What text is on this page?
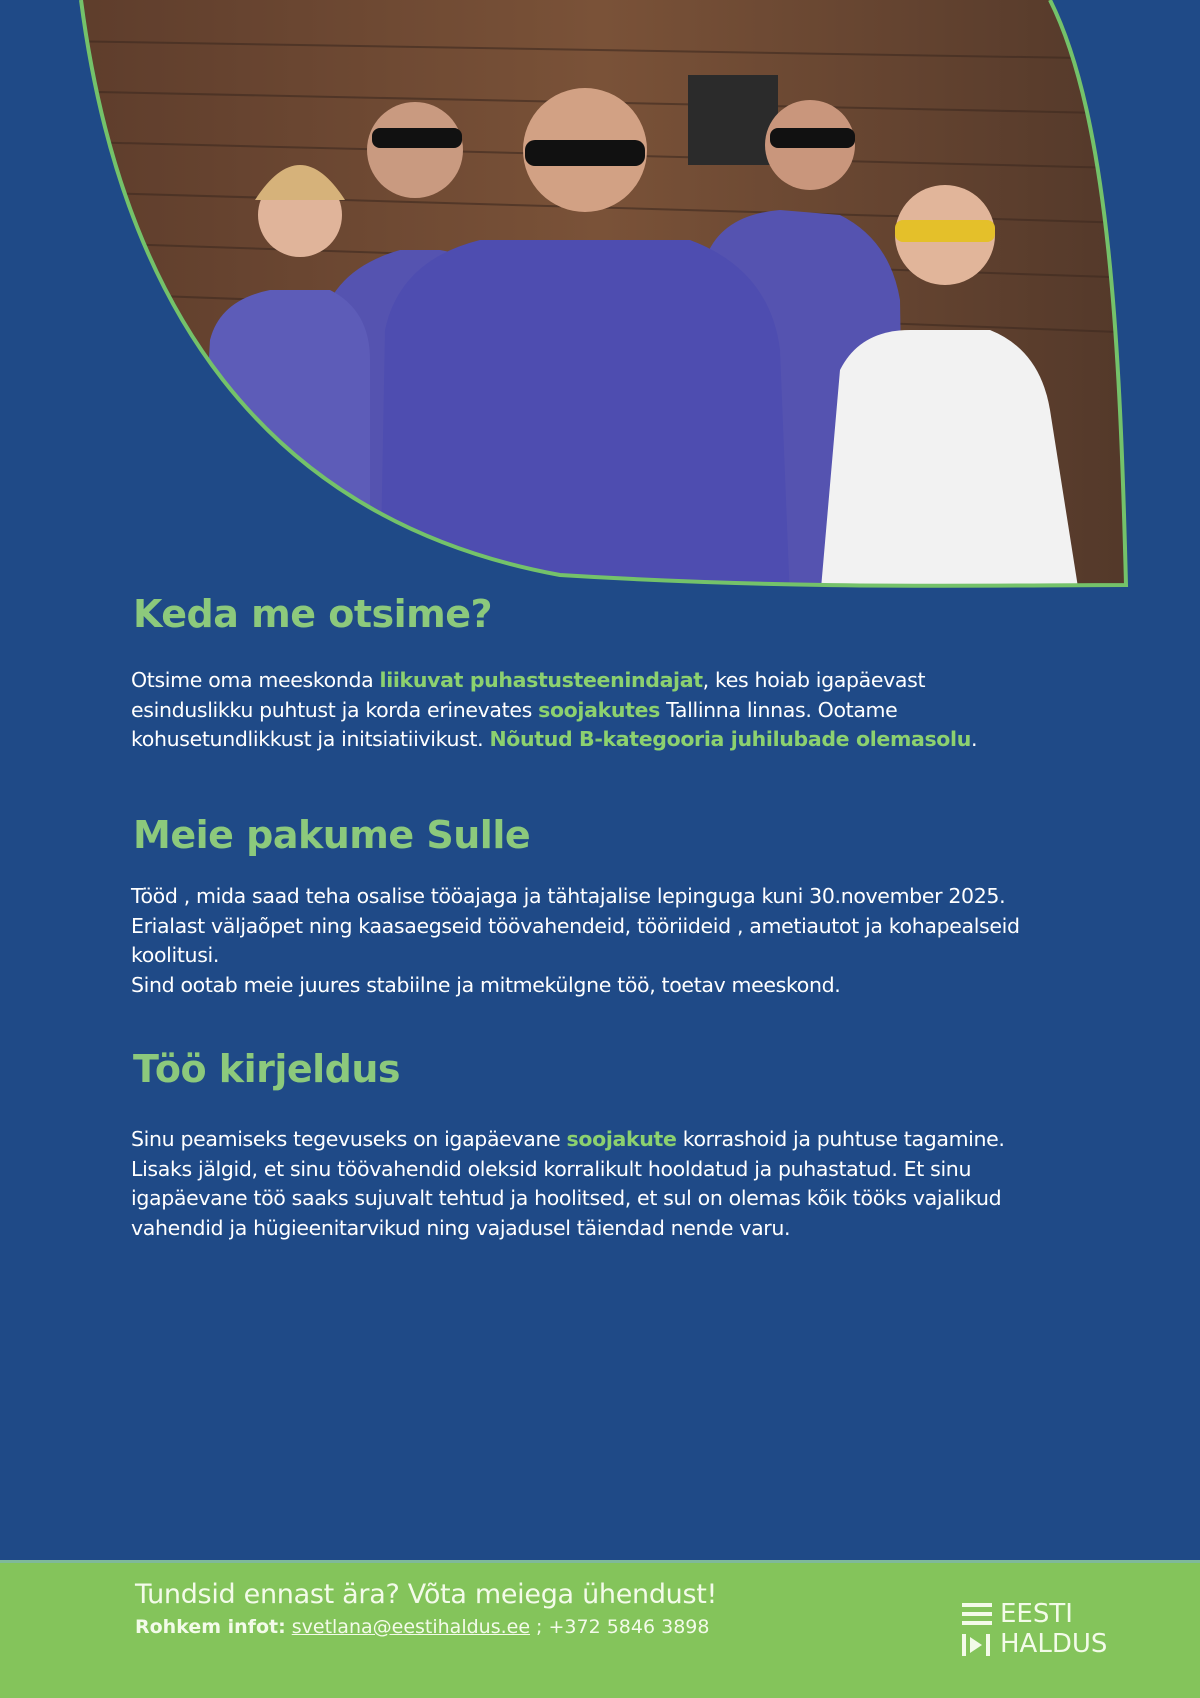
Keda me otsime?

Otsime oma meeskonda liikuvat puhastusteenindajat, kes hoiab igapäevast esinduslikku puhtust ja korda erinevates soojakutes Tallinna linnas. Ootame kohusetundlikkust ja initsiatiivikust. Nõutud B-kategooria juhilubade olemasolu.

Meie pakume Sulle
Tööd , mida saad teha osalise tööajaga ja tähtajalise lepinguga kuni 30.november 2025.
Erialast väljaõpet ning kaasaegseid töövahendeid, tööriideid , ametiautot ja kohapealseid koolitusi.
Sind ootab meie juures stabiilne ja mitmekülgne töö, toetav meeskond.
Töö kirjeldus
Sinu peamiseks tegevuseks on igapäevane soojakute korrashoid ja puhtuse tagamine.
Lisaks jälgid, et sinu töövahendid oleksid korralikult hooldatud ja puhastatud. Et sinu igapäevane töö saaks sujuvalt tehtud ja hoolitsed, et sul on olemas kõik tööks vajalikud vahendid ja hügieenitarvikud ning vajadusel täiendad nende varu.
Tundsid ennast ära? Võta meiega ühendust!
Rohkem infot: svetlana@eestihaldus.ee ; +372 5846 3898	EESTI
HALDUS
